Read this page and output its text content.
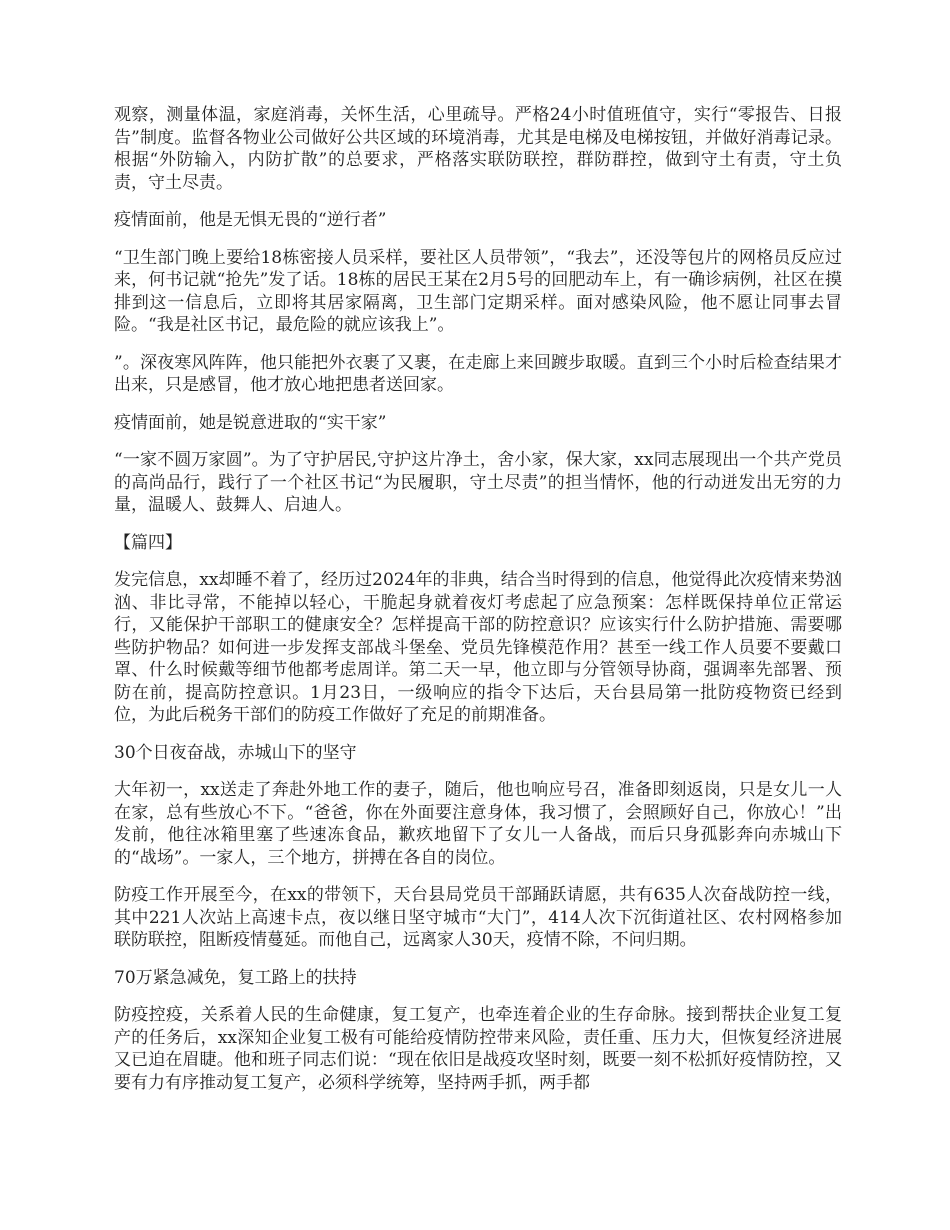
观察，测量体温，家庭消毒，关怀生活，心里疏导。严格24小时值班值守，实行“零报告、日报告”制度。监督各物业公司做好公共区域的环境消毒，尤其是电梯及电梯按钮，并做好消毒记录。根据“外防输入，内防扩散”的总要求，严格落实联防联控，群防群控，做到守土有责，守土负责，守土尽责。

疫情面前，他是无惧无畏的“逆行者”

“卫生部门晚上要给18栋密接人员采样，要社区人员带领”，“我去”，还没等包片的网格员反应过来，何书记就“抢先”发了话。18栋的居民王某在2月5号的回肥动车上，有一确诊病例，社区在摸排到这一信息后，立即将其居家隔离，卫生部门定期采样。面对感染风险，他不愿让同事去冒险。“我是社区书记，最危险的就应该我上”。

”。深夜寒风阵阵，他只能把外衣裹了又裹，在走廊上来回踱步取暖。直到三个小时后检查结果才出来，只是感冒，他才放心地把患者送回家。

疫情面前，她是锐意进取的“实干家”

“一家不圆万家圆”。为了守护居民,守护这片净土，舍小家，保大家，xx同志展现出一个共产党员的高尚品行，践行了一个社区书记“为民履职，守土尽责”的担当情怀，他的行动迸发出无穷的力量，温暖人、鼓舞人、启迪人。

【篇四】

发完信息，xx却睡不着了，经历过2024年的非典，结合当时得到的信息，他觉得此次疫情来势汹汹、非比寻常，不能掉以轻心，干脆起身就着夜灯考虑起了应急预案：怎样既保持单位正常运行，又能保护干部职工的健康安全？怎样提高干部的防控意识？应该实行什么防护措施、需要哪些防护物品？如何进一步发挥支部战斗堡垒、党员先锋模范作用？甚至一线工作人员要不要戴口罩、什么时候戴等细节他都考虑周详。第二天一早，他立即与分管领导协商，强调率先部署、预防在前，提高防控意识。1月23日，一级响应的指令下达后，天台县局第一批防疫物资已经到位，为此后税务干部们的防疫工作做好了充足的前期准备。

30个日夜奋战，赤城山下的坚守

大年初一，xx送走了奔赴外地工作的妻子，随后，他也响应号召，准备即刻返岗，只是女儿一人在家，总有些放心不下。“爸爸，你在外面要注意身体，我习惯了，会照顾好自己，你放心！”出发前，他往冰箱里塞了些速冻食品，歉疚地留下了女儿一人备战，而后只身孤影奔向赤城山下的“战场”。一家人，三个地方，拼搏在各自的岗位。

防疫工作开展至今，在xx的带领下，天台县局党员干部踊跃请愿，共有635人次奋战防控一线，其中221人次站上高速卡点，夜以继日坚守城市“大门”，414人次下沉街道社区、农村网格参加联防联控，阻断疫情蔓延。而他自己，远离家人30天，疫情不除，不问归期。

70万紧急减免，复工路上的扶持

防疫控疫，关系着人民的生命健康，复工复产，也牵连着企业的生存命脉。接到帮扶企业复工复产的任务后，xx深知企业复工极有可能给疫情防控带来风险，责任重、压力大，但恢复经济进展又已迫在眉睫。他和班子同志们说：“现在依旧是战疫攻坚时刻，既要一刻不松抓好疫情防控，又要有力有序推动复工复产，必须科学统筹，坚持两手抓，两手都
